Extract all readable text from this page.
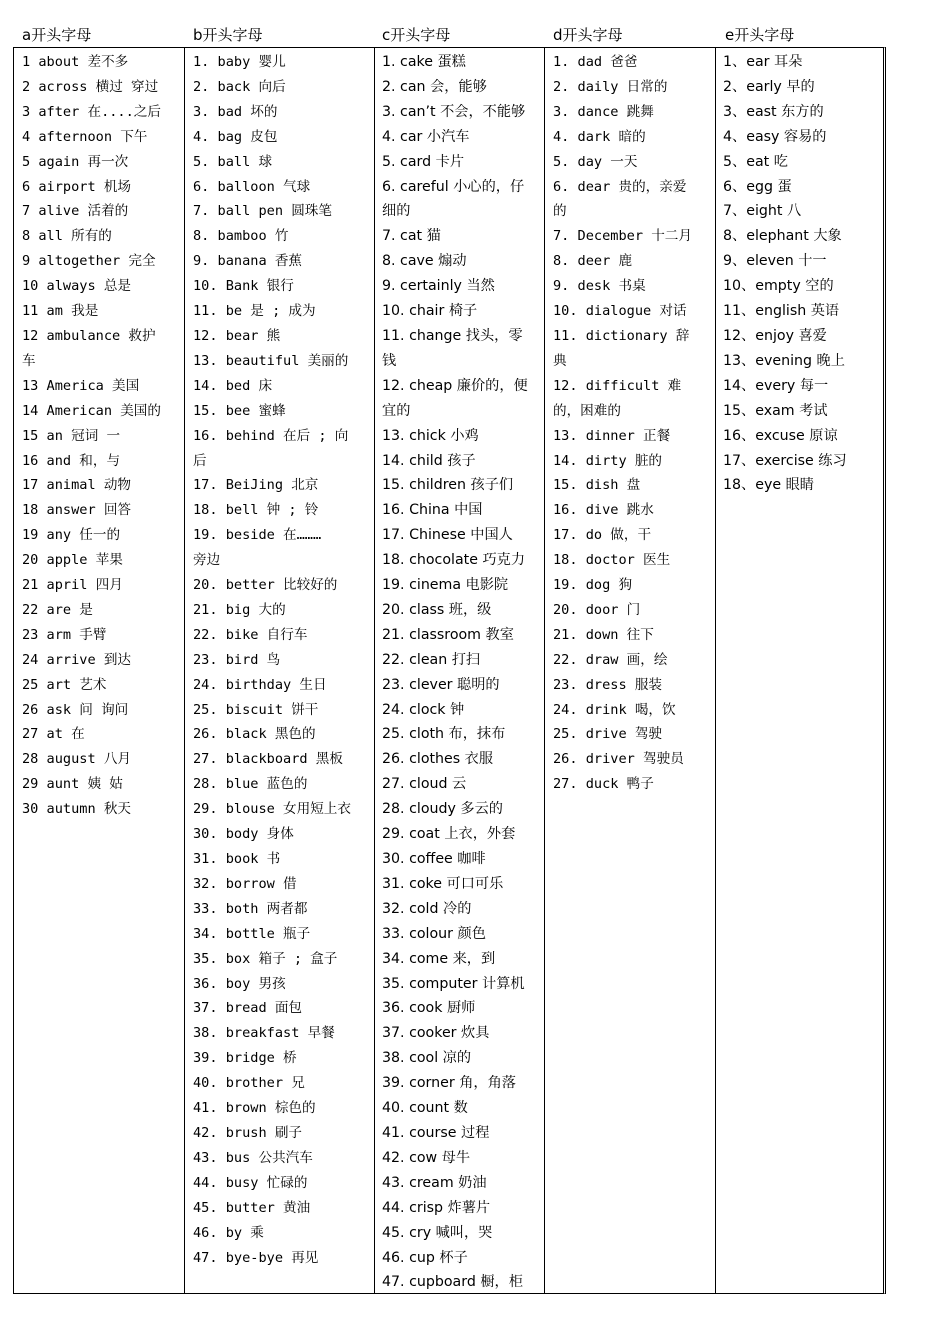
a开头字母	b开头字母	c开头字母	d开头字母	e开头字母
1 about 差不多
2 across 横过 穿过
3 after 在....之后
4 afternoon 下午
5 again 再一次
6 airport 机场
7 alive 活着的
8 all 所有的
9 altogether 完全
10 always 总是
11 am 我是
12 ambulance 救护
车
13 America 美国
14 American 美国的
15 an 冠词 一
16 and 和，与
17 animal 动物
18 answer 回答
19 any 任一的
20 apple 苹果
21 april 四月
22 are 是
23 arm 手臂
24 arrive 到达
25 art 艺术
26 ask 问 询问
27 at 在
28 august 八月
29 aunt 姨 姑
30 autumn 秋天
1. baby 婴儿
2. back 向后
3. bad 坏的
4. bag 皮包
5. ball 球
6. balloon 气球
7. ball pen 圆珠笔
8. bamboo 竹
9. banana 香蕉
10. Bank 银行
11. be 是 ; 成为
12. bear 熊
13. beautiful 美丽的
14. bed 床
15. bee 蜜蜂
16. behind 在后 ; 向
后
17. BeiJing 北京
18. bell 钟 ; 铃
19. beside 在………
旁边
20. better 比较好的
21. big 大的
22. bike 自行车
23. bird 鸟
24. birthday 生日
25. biscuit 饼干
26. black 黑色的
27. blackboard 黑板
28. blue 蓝色的
29. blouse 女用短上衣
30. body 身体
31. book 书
32. borrow 借
33. both 两者都
34. bottle 瓶子
35. box 箱子 ; 盒子
36. boy 男孩
37. bread 面包
38. breakfast 早餐
39. bridge 桥
40. brother 兄
41. brown 棕色的
42. brush 刷子
43. bus 公共汽车
44. busy 忙碌的
45. butter 黄油
46. by 乘
47. bye-bye 再见
1. cake 蛋糕
2. can 会，能够
3. can’t 不会，不能够
4. car 小汽车
5. card 卡片
6. careful 小心的，仔
细的
7. cat 猫
8. cave 煽动
9. certainly 当然
10. chair 椅子
11. change 找头，零
钱
12. cheap 廉价的，便
宜的
13. chick 小鸡
14. child 孩子
15. children 孩子们
16. China 中国
17. Chinese 中国人
18. chocolate 巧克力
19. cinema 电影院
20. class 班，级
21. classroom 教室
22. clean 打扫
23. clever 聪明的
24. clock 钟
25. cloth 布，抹布
26. clothes 衣服
27. cloud 云
28. cloudy 多云的
29. coat 上衣，外套
30. coffee 咖啡
31. coke 可口可乐
32. cold 冷的
33. colour 颜色
34. come 来，到
35. computer 计算机
36. cook 厨师
37. cooker 炊具
38. cool 凉的
39. corner 角，角落
40. count 数
41. course 过程
42. cow 母牛
43. cream 奶油
44. crisp 炸薯片
45. cry 喊叫，哭
46. cup 杯子
47. cupboard 橱，柜
1. dad 爸爸
2. daily 日常的
3. dance 跳舞
4. dark 暗的
5. day 一天
6. dear 贵的，亲爱
的
7. December 十二月
8. deer 鹿
9. desk 书桌
10. dialogue 对话
11. dictionary 辞
典
12. difficult 难
的，困难的
13. dinner 正餐
14. dirty 脏的
15. dish 盘
16. dive 跳水
17. do 做，干
18. doctor 医生
19. dog 狗
20. door 门
21. down 往下
22. draw 画，绘
23. dress 服装
24. drink 喝，饮
25. drive 驾驶
26. driver 驾驶员
27. duck 鸭子
1、ear 耳朵
2、early 早的
3、east 东方的
4、easy 容易的
5、eat 吃
6、egg 蛋
7、eight 八
8、elephant 大象
9、eleven 十一
10、empty 空的
11、english 英语
12、enjoy 喜爱
13、evening 晚上
14、every 每一
15、exam 考试
16、excuse 原谅
17、exercise 练习
18、eye 眼睛
